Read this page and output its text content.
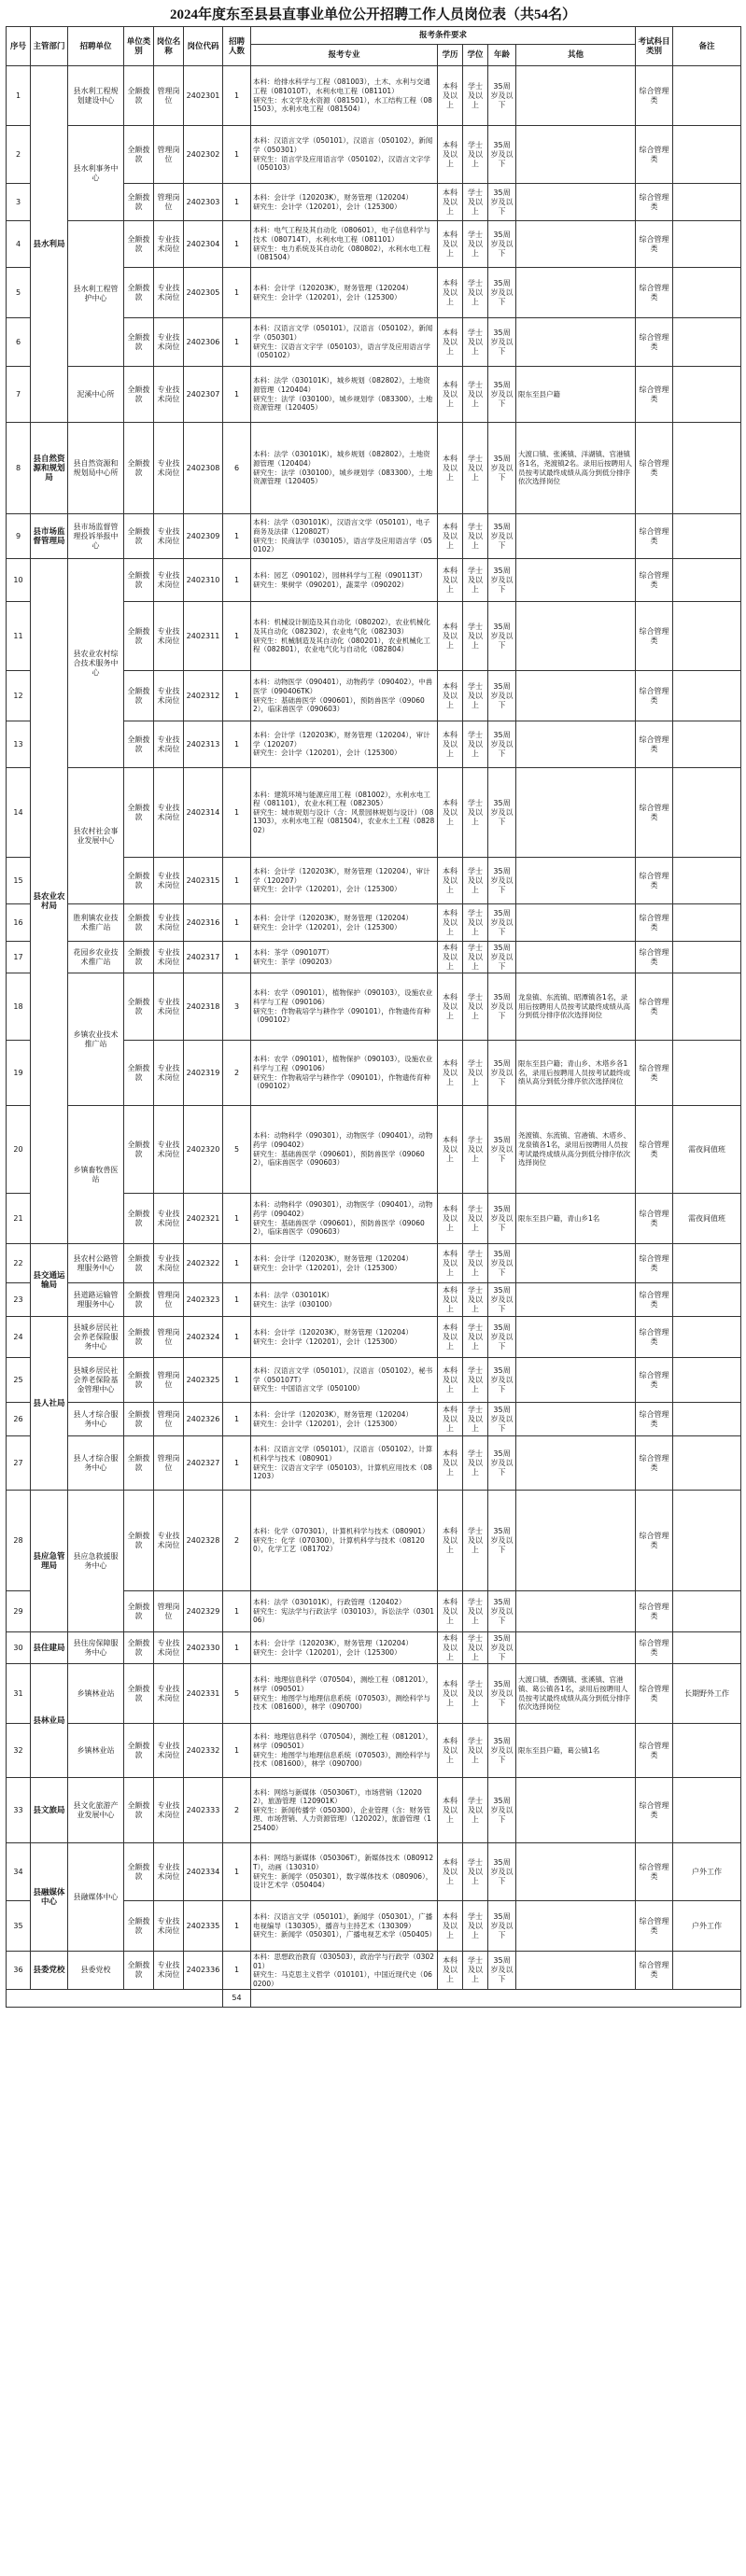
2024年度东至县县直事业单位公开招聘工作人员岗位表（共54名）
序号	主管部门	招聘单位	单位类别	岗位名称	岗位代码	招聘人数	报考条件要求					考试科目类别	备注
							报考专业	学历	学位	年龄	其他		
1	县水利局	县水利工程规划建设中心	全额拨款	管理岗位	2402301	1	本科：给排水科学与工程（081003），土木、水利与交通工程（081010T），水利水电工程（081101）
研究生：水文学及水资源（081501），水工结构工程（081503），水利水电工程（081504）	本科及以上	学士及以上	35周岁及以下		综合管理类	
2		县水利事务中心	全额拨款	管理岗位	2402302	1	本科：汉语言文学（050101），汉语言（050102），新闻学（050301）
研究生：语言学及应用语言学（050102），汉语言文字学（050103）	本科及以上	学士及以上	35周岁及以下		综合管理类	
3			全额拨款	管理岗位	2402303	1	本科：会计学（120203K），财务管理（120204）
研究生：会计学（120201），会计（125300）	本科及以上	学士及以上	35周岁及以下		综合管理类	
4		县水利工程管护中心	全额拨款	专业技术岗位	2402304	1	本科：电气工程及其自动化（080601），电子信息科学与技术（080714T），水利水电工程（081101）
研究生：电力系统及其自动化（080802），水利水电工程（081504）	本科及以上	学士及以上	35周岁及以下		综合管理类	
5			全额拨款	专业技术岗位	2402305	1	本科：会计学（120203K），财务管理（120204）
研究生：会计学（120201），会计（125300）	本科及以上	学士及以上	35周岁及以下		综合管理类	
6			全额拨款	专业技术岗位	2402306	1	本科：汉语言文学（050101），汉语言（050102），新闻学（050301）
研究生：汉语言文字学（050103），语言学及应用语言学（050102）	本科及以上	学士及以上	35周岁及以下		综合管理类	
7		泥溪中心所	全额拨款	专业技术岗位	2402307	1	本科：法学（030101K），城乡规划（082802），土地资源管理（120404）
研究生：法学（030100），城乡规划学（083300），土地资源管理（120405）	本科及以上	学士及以上	35周岁及以下	限东至县户籍	综合管理类	
8	县自然资源和规划局	县自然资源和规划局中心所	全额拨款	专业技术岗位	2402308	6	本科：法学（030101K），城乡规划（082802），土地资源管理（120404）
研究生：法学（030100），城乡规划学（083300），土地资源管理（120405）	本科及以上	学士及以上	35周岁及以下	大渡口镇、张溪镇、洋湖镇、官港镇各1名，尧渡镇2名。录用后按聘用人员按考试最终成绩从高分到低分排序依次选择岗位	综合管理类	
9	县市场监督管理局	县市场监督管理投诉举报中心	全额拨款	专业技术岗位	2402309	1	本科：法学（030101K），汉语言文学（050101），电子商务及法律（120802T）
研究生：民商法学（030105），语言学及应用语言学（050102）	本科及以上	学士及以上	35周岁及以下		综合管理类	
10	县农业农村局	县农业农村综合技术服务中心	全额拨款	专业技术岗位	2402310	1	本科：园艺（090102），园林科学与工程（090113T）
研究生：果树学（090201），蔬菜学（090202）	本科及以上	学士及以上	35周岁及以下		综合管理类	
11			全额拨款	专业技术岗位	2402311	1	本科：机械设计制造及其自动化（080202），农业机械化及其自动化（082302），农业电气化（082303）
研究生：机械制造及其自动化（080201），农业机械化工程（082801），农业电气化与自动化（082804）	本科及以上	学士及以上	35周岁及以下		综合管理类	
12			全额拨款	专业技术岗位	2402312	1	本科：动物医学（090401），动物药学（090402），中兽医学（090406TK）
研究生：基础兽医学（090601），预防兽医学（090602），临床兽医学（090603）	本科及以上	学士及以上	35周岁及以下		综合管理类	
13			全额拨款	专业技术岗位	2402313	1	本科：会计学（120203K），财务管理（120204），审计学（120207）
研究生：会计学（120201），会计（125300）	本科及以上	学士及以上	35周岁及以下		综合管理类	
14		县农村社会事业发展中心	全额拨款	专业技术岗位	2402314	1	本科：建筑环境与能源应用工程（081002），水利水电工程（081101），农业水利工程（082305）
研究生：城市规划与设计（含：风景园林规划与设计）（081303），水利水电工程（081504），农业水土工程（082802）	本科及以上	学士及以上	35周岁及以下		综合管理类	
15			全额拨款	专业技术岗位	2402315	1	本科：会计学（120203K），财务管理（120204），审计学（120207）
研究生：会计学（120201），会计（125300）	本科及以上	学士及以上	35周岁及以下		综合管理类	
16		胜利镇农业技术推广站	全额拨款	专业技术岗位	2402316	1	本科：会计学（120203K），财务管理（120204）
研究生：会计学（120201），会计（125300）	本科及以上	学士及以上	35周岁及以下		综合管理类	
17		花园乡农业技术推广站	全额拨款	专业技术岗位	2402317	1	本科：茶学（090107T）
研究生：茶学（090203）	本科及以上	学士及以上	35周岁及以下		综合管理类	
18		乡镇农业技术推广站	全额拨款	专业技术岗位	2402318	3	本科：农学（090101），植物保护（090103），设施农业科学与工程（090106）
研究生：作物栽培学与耕作学（090101），作物遗传育种（090102）	本科及以上	学士及以上	35周岁及以下	龙泉镇、东流镇、昭潭镇各1名，录用后按聘用人员按考试最终成绩从高分到低分排序依次选择岗位	综合管理类	
19			全额拨款	专业技术岗位	2402319	2	本科：农学（090101），植物保护（090103），设施农业科学与工程（090106）
研究生：作物栽培学与耕作学（090101），作物遗传育种（090102）	本科及以上	学士及以上	35周岁及以下	限东至县户籍；青山乡、木塔乡各1名，录用后按聘用人员按考试最终成绩从高分到低分排序依次选择岗位	综合管理类	
20		乡镇畜牧兽医站	全额拨款	专业技术岗位	2402320	5	本科：动物科学（090301），动物医学（090401），动物药学（090402）
研究生：基础兽医学（090601），预防兽医学（090602），临床兽医学（090603）	本科及以上	学士及以上	35周岁及以下	尧渡镇、东流镇、官港镇、木塔乡、龙泉镇各1名，录用后按聘用人员按考试最终成绩从高分到低分排序依次选择岗位	综合管理类	需夜间值班
21			全额拨款	专业技术岗位	2402321	1	本科：动物科学（090301），动物医学（090401），动物药学（090402）
研究生：基础兽医学（090601），预防兽医学（090602），临床兽医学（090603）	本科及以上	学士及以上	35周岁及以下	限东至县户籍，青山乡1名	综合管理类	需夜间值班
22	县交通运输局	县农村公路管理服务中心	全额拨款	专业技术岗位	2402322	1	本科：会计学（120203K），财务管理（120204）
研究生：会计学（120201），会计（125300）	本科及以上	学士及以上	35周岁及以下		综合管理类	
23		县道路运输管理服务中心	全额拨款	管理岗位	2402323	1	本科：法学（030101K）
研究生：法学（030100）	本科及以上	学士及以上	35周岁及以下		综合管理类	
24	县人社局	县城乡居民社会养老保险服务中心	全额拨款	管理岗位	2402324	1	本科：会计学（120203K），财务管理（120204）
研究生：会计学（120201），会计（125300）	本科及以上	学士及以上	35周岁及以下		综合管理类	
25		县城乡居民社会养老保险基金管理中心	全额拨款	管理岗位	2402325	1	本科：汉语言文学（050101），汉语言（050102），秘书学（050107T）
研究生：中国语言文学（050100）	本科及以上	学士及以上	35周岁及以下		综合管理类	
26		县人才综合服务中心	全额拨款	管理岗位	2402326	1	本科：会计学（120203K），财务管理（120204）
研究生：会计学（120201），会计（125300）	本科及以上	学士及以上	35周岁及以下		综合管理类	
27		县人才综合服务中心	全额拨款	管理岗位	2402327	1	本科：汉语言文学（050101），汉语言（050102），计算机科学与技术（080901）
研究生：汉语言文字学（050103），计算机应用技术（081203）	本科及以上	学士及以上	35周岁及以下		综合管理类	
28	县应急管理局	县应急救援服务中心	全额拨款	专业技术岗位	2402328	2	本科：化学（070301），计算机科学与技术（080901）
研究生：化学（070300），计算机科学与技术（081200），化学工艺（081702）	本科及以上	学士及以上	35周岁及以下		综合管理类	
29			全额拨款	管理岗位	2402329	1	本科：法学（030101K），行政管理（120402）
研究生：宪法学与行政法学（030103），诉讼法学（030106）	本科及以上	学士及以上	35周岁及以下		综合管理类	
30	县住建局	县住房保障服务中心	全额拨款	专业技术岗位	2402330	1	本科：会计学（120203K），财务管理（120204）
研究生：会计学（120201），会计（125300）	本科及以上	学士及以上	35周岁及以下		综合管理类	
31	县林业局	乡镇林业站	全额拨款	专业技术岗位	2402331	5	本科：地理信息科学（070504），测绘工程（081201），林学（090501）
研究生：地图学与地理信息系统（070503），测绘科学与技术（081600），林学（090700）	本科及以上	学士及以上	35周岁及以下	大渡口镇、香隅镇、张溪镇、官港镇、葛公镇各1名，录用后按聘用人员按考试最终成绩从高分到低分排序依次选择岗位	综合管理类	长期野外工作
32		乡镇林业站	全额拨款	专业技术岗位	2402332	1	本科：地理信息科学（070504），测绘工程（081201），林学（090501）
研究生：地图学与地理信息系统（070503），测绘科学与技术（081600），林学（090700）	本科及以上	学士及以上	35周岁及以下	限东至县户籍，葛公镇1名	综合管理类	
33	县文旅局	县文化旅游产业发展中心	全额拨款	专业技术岗位	2402333	2	本科：网络与新媒体（050306T），市场营销（120202），旅游管理（120901K）
研究生：新闻传播学（050300），企业管理（含：财务管理、市场营销、人力资源管理）（120202），旅游管理（125400）	本科及以上	学士及以上	35周岁及以下		综合管理类	
34	县融媒体中心	县融媒体中心	全额拨款	专业技术岗位	2402334	1	本科：网络与新媒体（050306T），新媒体技术（080912T），动画（130310）
研究生：新闻学（050301），数字媒体技术（080906），设计艺术学（050404）	本科及以上	学士及以上	35周岁及以下		综合管理类	户外工作
35			全额拨款	专业技术岗位	2402335	1	本科：汉语言文学（050101），新闻学（050301），广播电视编导（130305），播音与主持艺术（130309）
研究生：新闻学（050301），广播电视艺术学（050405）	本科及以上	学士及以上	35周岁及以下		综合管理类	户外工作
36	县委党校	县委党校	全额拨款	专业技术岗位	2402336	1	本科：思想政治教育（030503），政治学与行政学（030201）
研究生：马克思主义哲学（010101），中国近现代史（060200）	本科及以上	学士及以上	35周岁及以下		综合管理类	
						54							
